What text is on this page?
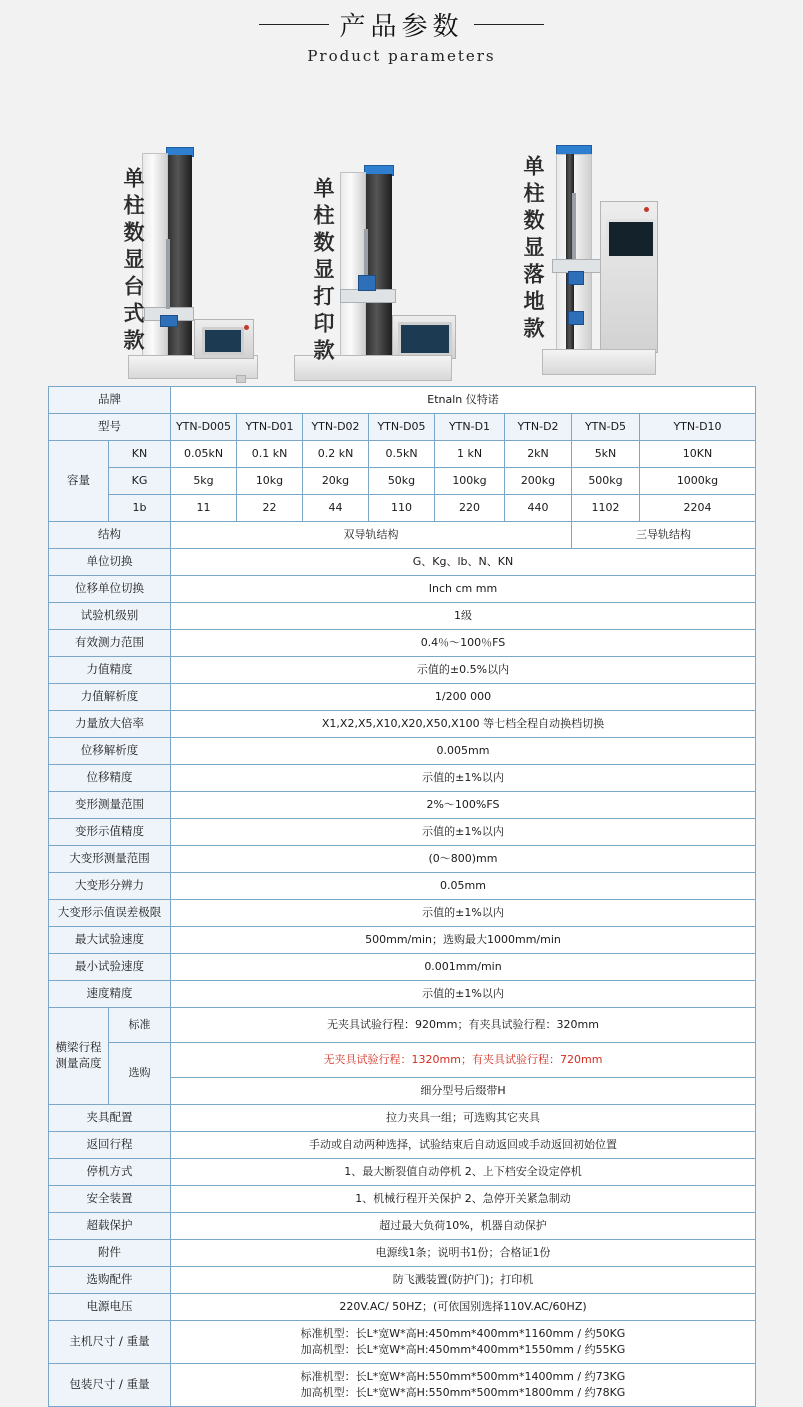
产品参数
Product parameters
单柱数显台式款	单柱数显打印款	单柱数显落地款
品牌		Etnaln 仪特诺							
型号		YTN-D005	YTN-D01	YTN-D02	YTN-D05	YTN-D1	YTN-D2	YTN-D5	YTN-D10
容量	KN	0.05kN	0.1 kN	0.2 kN	0.5kN	1 kN	2kN	5kN	10KN
	KG	5kg	10kg	20kg	50kg	100kg	200kg	500kg	1000kg
	1b	11	22	44	110	220	440	1102	2204
结构		双导轨结构						三导轨结构	
单位切换		G、Kg、lb、N、KN							
位移单位切换		Inch cm mm							
试验机级别		1级							
有效测力范围		0.4％～100％FS							
力值精度		示值的±0.5%以内							
力值解析度		1/200 000							
力量放大倍率		X1,X2,X5,X10,X20,X50,X100 等七档全程自动换档切换							
位移解析度		0.005mm							
位移精度		示值的±1%以内							
变形测量范围		2%～100%FS							
变形示值精度		示值的±1%以内							
大变形测量范围		(0～800)mm							
大变形分辨力		0.05mm							
大变形示值误差极限		示值的±1%以内							
最大试验速度		500mm/min；选购最大1000mm/min							
最小试验速度		0.001mm/min							
速度精度		示值的±1%以内							

横梁行程
测量高度	标准	无夹具试验行程：920mm；有夹具试验行程：320mm							
	选购	无夹具试验行程：1320mm；有夹具试验行程：720mm							
		细分型号后缀带H							
夹具配置		拉力夹具一组；可选购其它夹具							
返回行程		手动或自动两种选择，试验结束后自动返回或手动返回初始位置							
停机方式		1、最大断裂值自动停机 2、上下档安全设定停机							
安全装置		1、机械行程开关保护 2、急停开关紧急制动							
超载保护		超过最大负荷10%，机器自动保护							
附件		电源线1条；说明书1份；合格证1份							
选购配件		防飞溅装置(防护门)；打印机							
电源电压		220V.AC/ 50HZ；(可依国别选择110V.AC/60HZ)							
主机尺寸 / 重量		标准机型：长L*宽W*高H:450mm*400mm*1160mm / 约50KG
加高机型：长L*宽W*高H:450mm*400mm*1550mm / 约55KG							

包装尺寸 / 重量		标准机型：长L*宽W*高H:550mm*500mm*1400mm / 约73KG
加高机型：长L*宽W*高H:550mm*500mm*1800mm / 约78KG							
